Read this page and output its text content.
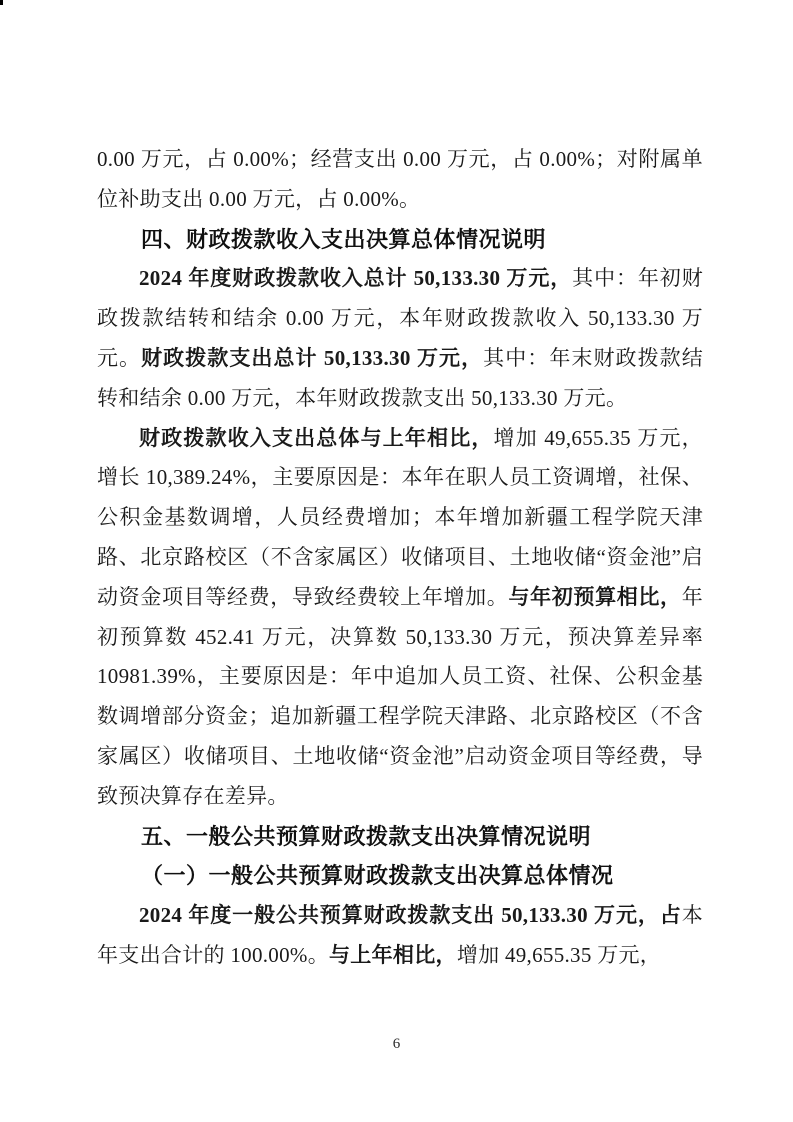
0.00 万元，占 0.00%；经营支出 0.00 万元，占 0.00%；对附属单位补助支出 0.00 万元，占 0.00%。

四、财政拨款收入支出决算总体情况说明

2024 年度财政拨款收入总计 50,133.30 万元，其中：年初财政拨款结转和结余 0.00 万元，本年财政拨款收入 50,133.30 万元。财政拨款支出总计 50,133.30 万元，其中：年末财政拨款结转和结余 0.00 万元，本年财政拨款支出 50,133.30 万元。

财政拨款收入支出总体与上年相比，增加 49,655.35 万元，增长 10,389.24%，主要原因是：本年在职人员工资调增，社保、公积金基数调增，人员经费增加；本年增加新疆工程学院天津路、北京路校区（不含家属区）收储项目、土地收储“资金池”启动资金项目等经费，导致经费较上年增加。与年初预算相比，年初预算数 452.41 万元，决算数 50,133.30 万元，预决算差异率 10981.39%，主要原因是：年中追加人员工资、社保、公积金基数调增部分资金；追加新疆工程学院天津路、北京路校区（不含家属区）收储项目、土地收储“资金池”启动资金项目等经费，导致预决算存在差异。

五、一般公共预算财政拨款支出决算情况说明
（一）一般公共预算财政拨款支出决算总体情况

2024 年度一般公共预算财政拨款支出 50,133.30 万元，占本年支出合计的 100.00%。与上年相比，增加 49,655.35 万元，

6
